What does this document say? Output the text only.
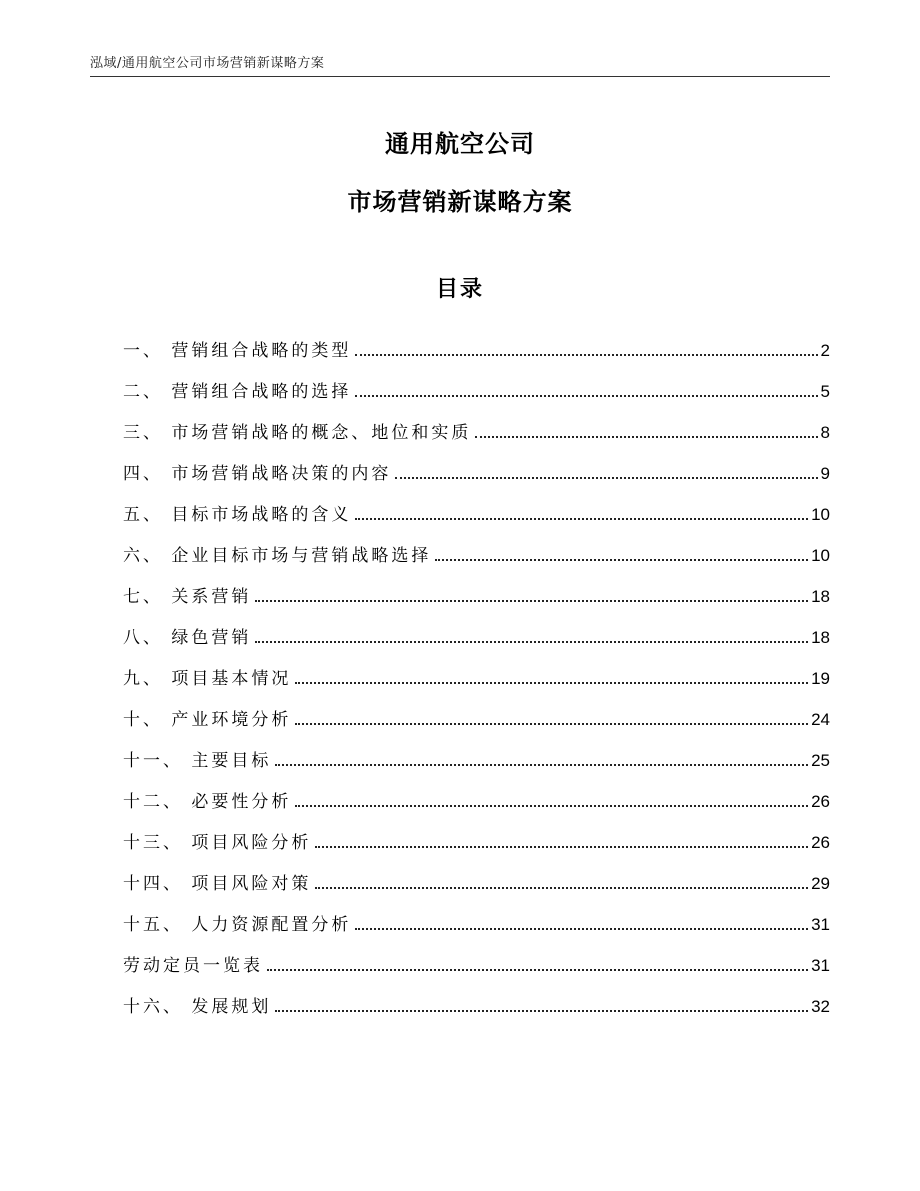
泓域/通用航空公司市场营销新谋略方案
通用航空公司
市场营销新谋略方案
目录
一、 营销组合战略的类型	2
二、 营销组合战略的选择	5
三、 市场营销战略的概念、地位和实质	8
四、 市场营销战略决策的内容	9
五、 目标市场战略的含义	10
六、 企业目标市场与营销战略选择	10
七、 关系营销	18
八、 绿色营销	18
九、 项目基本情况	19
十、 产业环境分析	24
十一、 主要目标	25
十二、 必要性分析	26
十三、 项目风险分析	26
十四、 项目风险对策	29
十五、 人力资源配置分析	31
劳动定员一览表	31
十六、 发展规划	32
